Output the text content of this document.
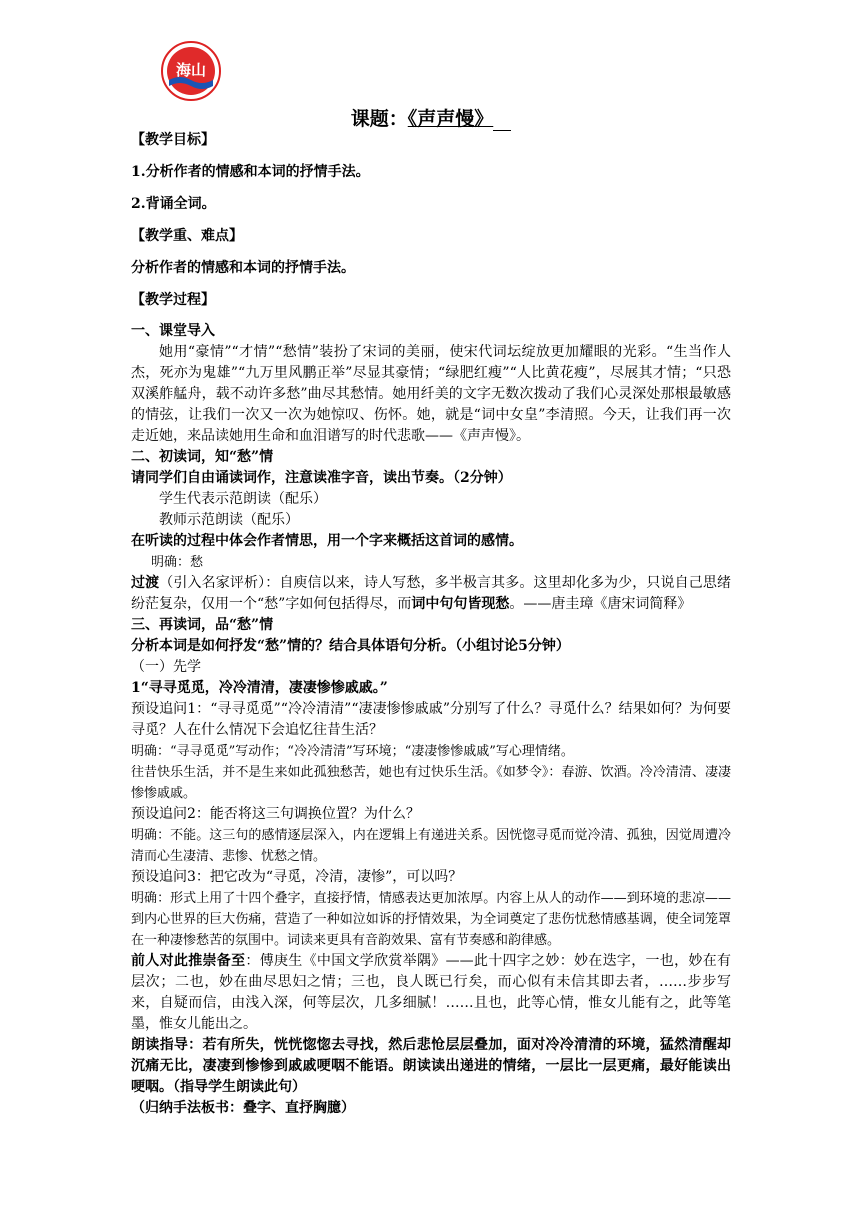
海山
课题：《声声慢》

【教学目标】

1.分析作者的情感和本词的抒情手法。

2.背诵全词。

【教学重、难点】

分析作者的情感和本词的抒情手法。

【教学过程】

一、课堂导入

她用“豪情”“才情”“愁情”装扮了宋词的美丽，使宋代词坛绽放更加耀眼的光彩。“生当作人杰，死亦为鬼雄”“九万里风鹏正举”尽显其豪情；“绿肥红瘦”“人比黄花瘦”，尽展其才情；“只恐双溪舴艋舟，载不动许多愁”曲尽其愁情。她用纤美的文字无数次拨动了我们心灵深处那根最敏感的情弦，让我们一次又一次为她惊叹、伤怀。她，就是“词中女皇”李清照。今天，让我们再一次走近她，来品读她用生命和血泪谱写的时代悲歌——《声声慢》。

二、初读词，知“愁”情

请同学们自由诵读词作，注意读准字音，读出节奏。（2分钟）

学生代表示范朗读（配乐）

教师示范朗读（配乐）

在听读的过程中体会作者情思，用一个字来概括这首词的感情。

明确：愁

过渡（引入名家评析）：自庾信以来，诗人写愁，多半极言其多。这里却化多为少，只说自己思绪纷茫复杂，仅用一个“愁”字如何包括得尽，而词中句句皆现愁。——唐圭璋《唐宋词简释》

三、再读词，品“愁”情

分析本词是如何抒发“愁”情的？结合具体语句分析。（小组讨论5分钟）

（一）先学

1“寻寻觅觅，冷冷清清，凄凄惨惨戚戚。”

预设追问1：“寻寻觅觅”“冷冷清清”“凄凄惨惨戚戚”分别写了什么？寻觅什么？结果如何？为何要寻觅？人在什么情况下会追忆往昔生活？

明确：“寻寻觅觅”写动作；“冷冷清清”写环境；“凄凄惨惨戚戚”写心理情绪。

往昔快乐生活，并不是生来如此孤独愁苦，她也有过快乐生活。《如梦令》：春游、饮酒。冷冷清清、凄凄惨惨戚戚。

预设追问2：能否将这三句调换位置？为什么？

明确：不能。这三句的感情逐层深入，内在逻辑上有递进关系。因恍惚寻觅而觉冷清、孤独，因觉周遭冷清而心生凄清、悲惨、忧愁之情。

预设追问3：把它改为“寻觅，冷清，凄惨”，可以吗？

明确：形式上用了十四个叠字，直接抒情，情感表达更加浓厚。内容上从人的动作——到环境的悲凉——到内心世界的巨大伤痛，营造了一种如泣如诉的抒情效果，为全词奠定了悲伤忧愁情感基调，使全词笼罩在一种凄惨愁苦的氛围中。词读来更具有音韵效果、富有节奏感和韵律感。

前人对此推崇备至：傅庚生《中国文学欣赏举隅》——此十四字之妙：妙在迭字，一也，妙在有层次；二也，妙在曲尽思妇之情；三也，良人既已行矣，而心似有未信其即去者，……步步写来，自疑而信，由浅入深，何等层次，几多细腻！……且也，此等心情，惟女儿能有之，此等笔墨，惟女儿能出之。

朗读指导：若有所失，恍恍惚惚去寻找，然后悲怆层层叠加，面对冷冷清清的环境，猛然清醒却沉痛无比，凄凄到惨惨到戚戚哽咽不能语。朗读读出递进的情绪，一层比一层更痛，最好能读出哽咽。（指导学生朗读此句）

（归纳手法板书：叠字、直抒胸臆）
